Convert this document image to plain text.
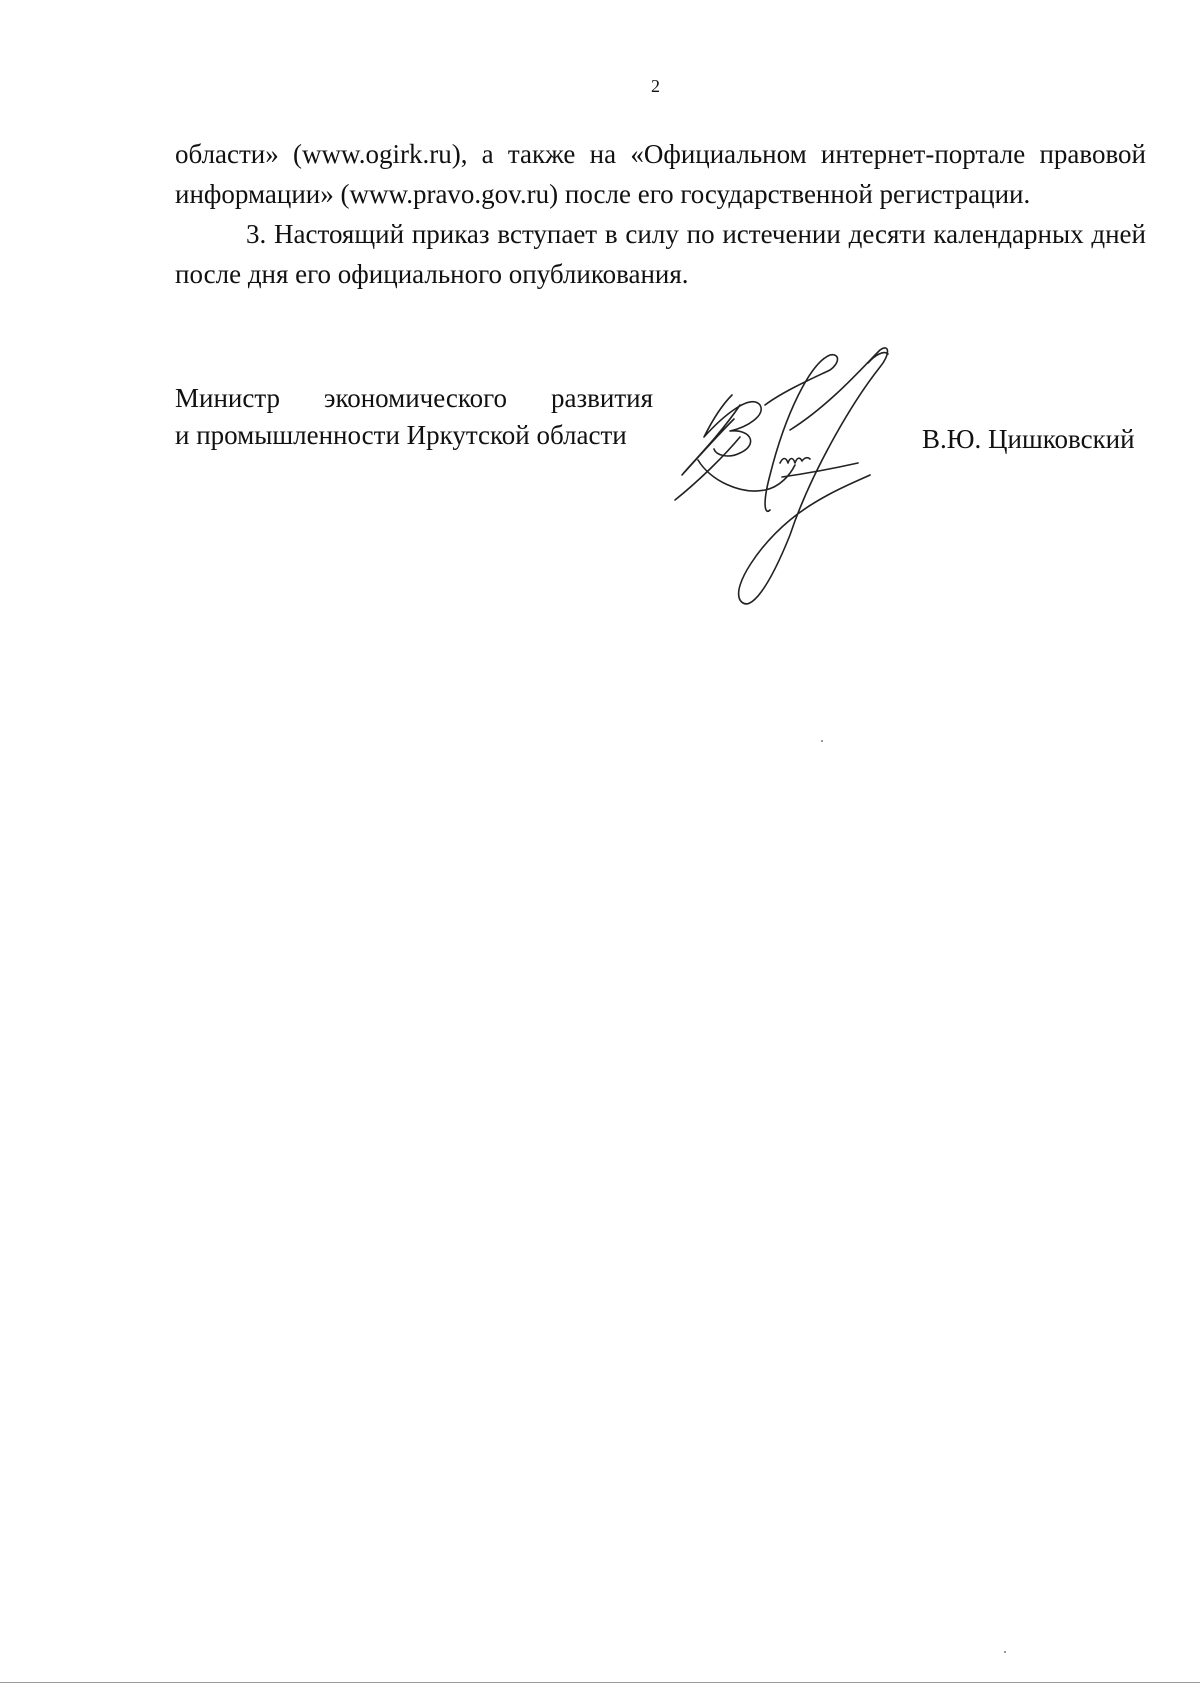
2

области» (www.ogirk.ru), а также на «Официальном интернет-портале правовой информации» (www.pravo.gov.ru) после его государственной регистрации.

3. Настоящий приказ вступает в силу по истечении десяти календарных дней после дня его официального опубликования.

Министр экономического развития
и промышленности Иркутской области	В.Ю. Цишковский
